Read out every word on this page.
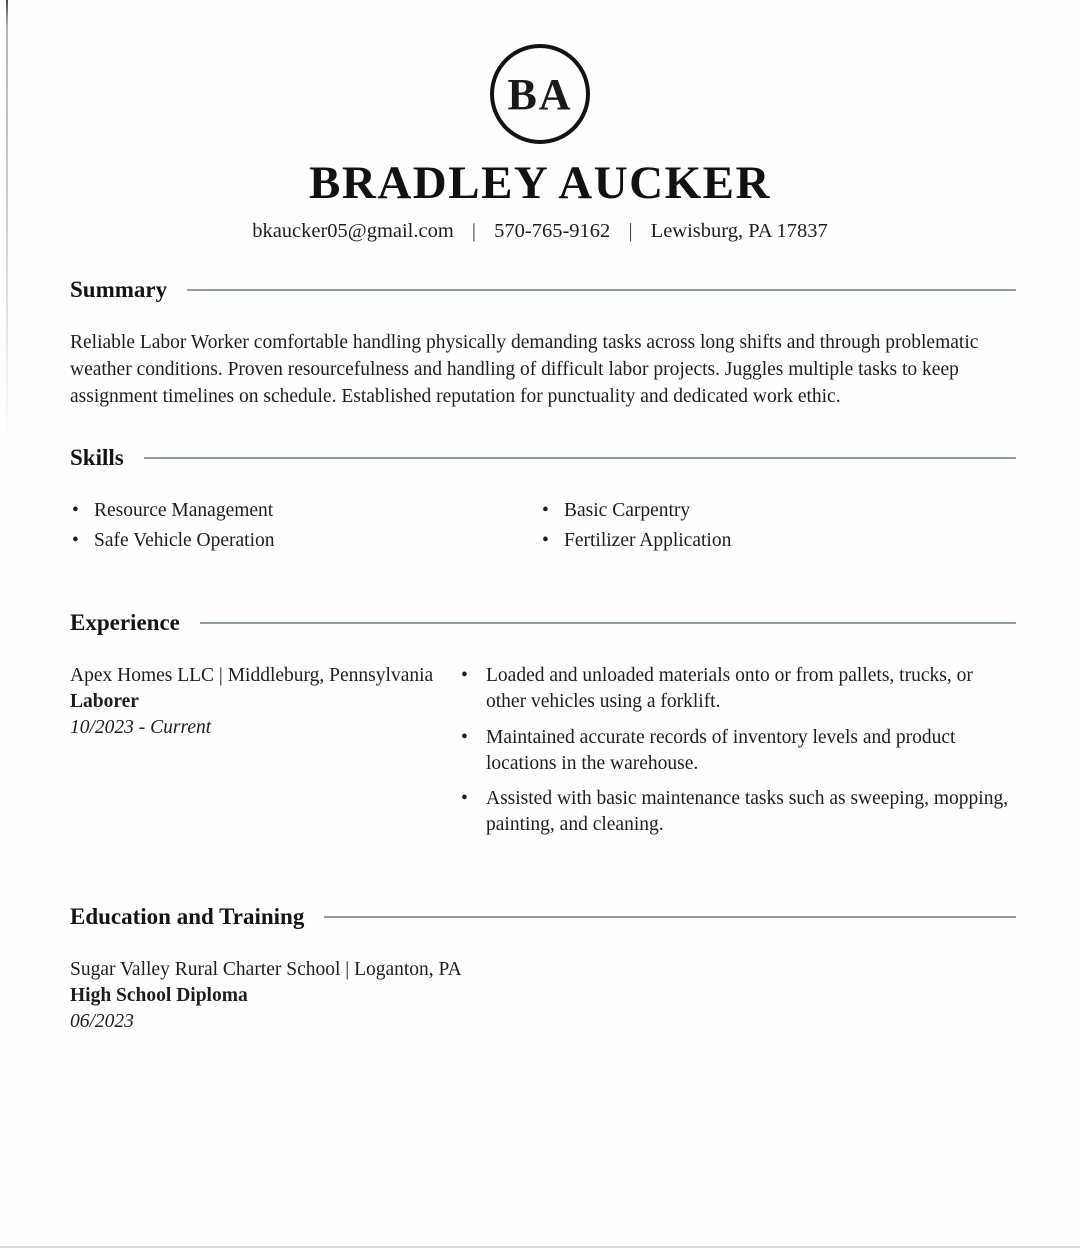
BA
BRADLEY AUCKER
bkaucker05@gmail.com | 570-765-9162 | Lewisburg, PA 17837
Summary

Reliable Labor Worker comfortable handling physically demanding tasks across long shifts and through problematic weather conditions. Proven resourcefulness and handling of difficult labor projects. Juggles multiple tasks to keep assignment timelines on schedule. Established reputation for punctuality and dedicated work ethic.

Skills
• Resource Management
• Safe Vehicle Operation
• Basic Carpentry
• Fertilizer Application
Experience
Apex Homes LLC | Middleburg, Pennsylvania
Laborer
10/2023 - Current
• Loaded and unloaded materials onto or from pallets, trucks, or other vehicles using a forklift.
• Maintained accurate records of inventory levels and product locations in the warehouse.
• Assisted with basic maintenance tasks such as sweeping, mopping, painting, and cleaning.
Education and Training
Sugar Valley Rural Charter School | Loganton, PA
High School Diploma
06/2023
